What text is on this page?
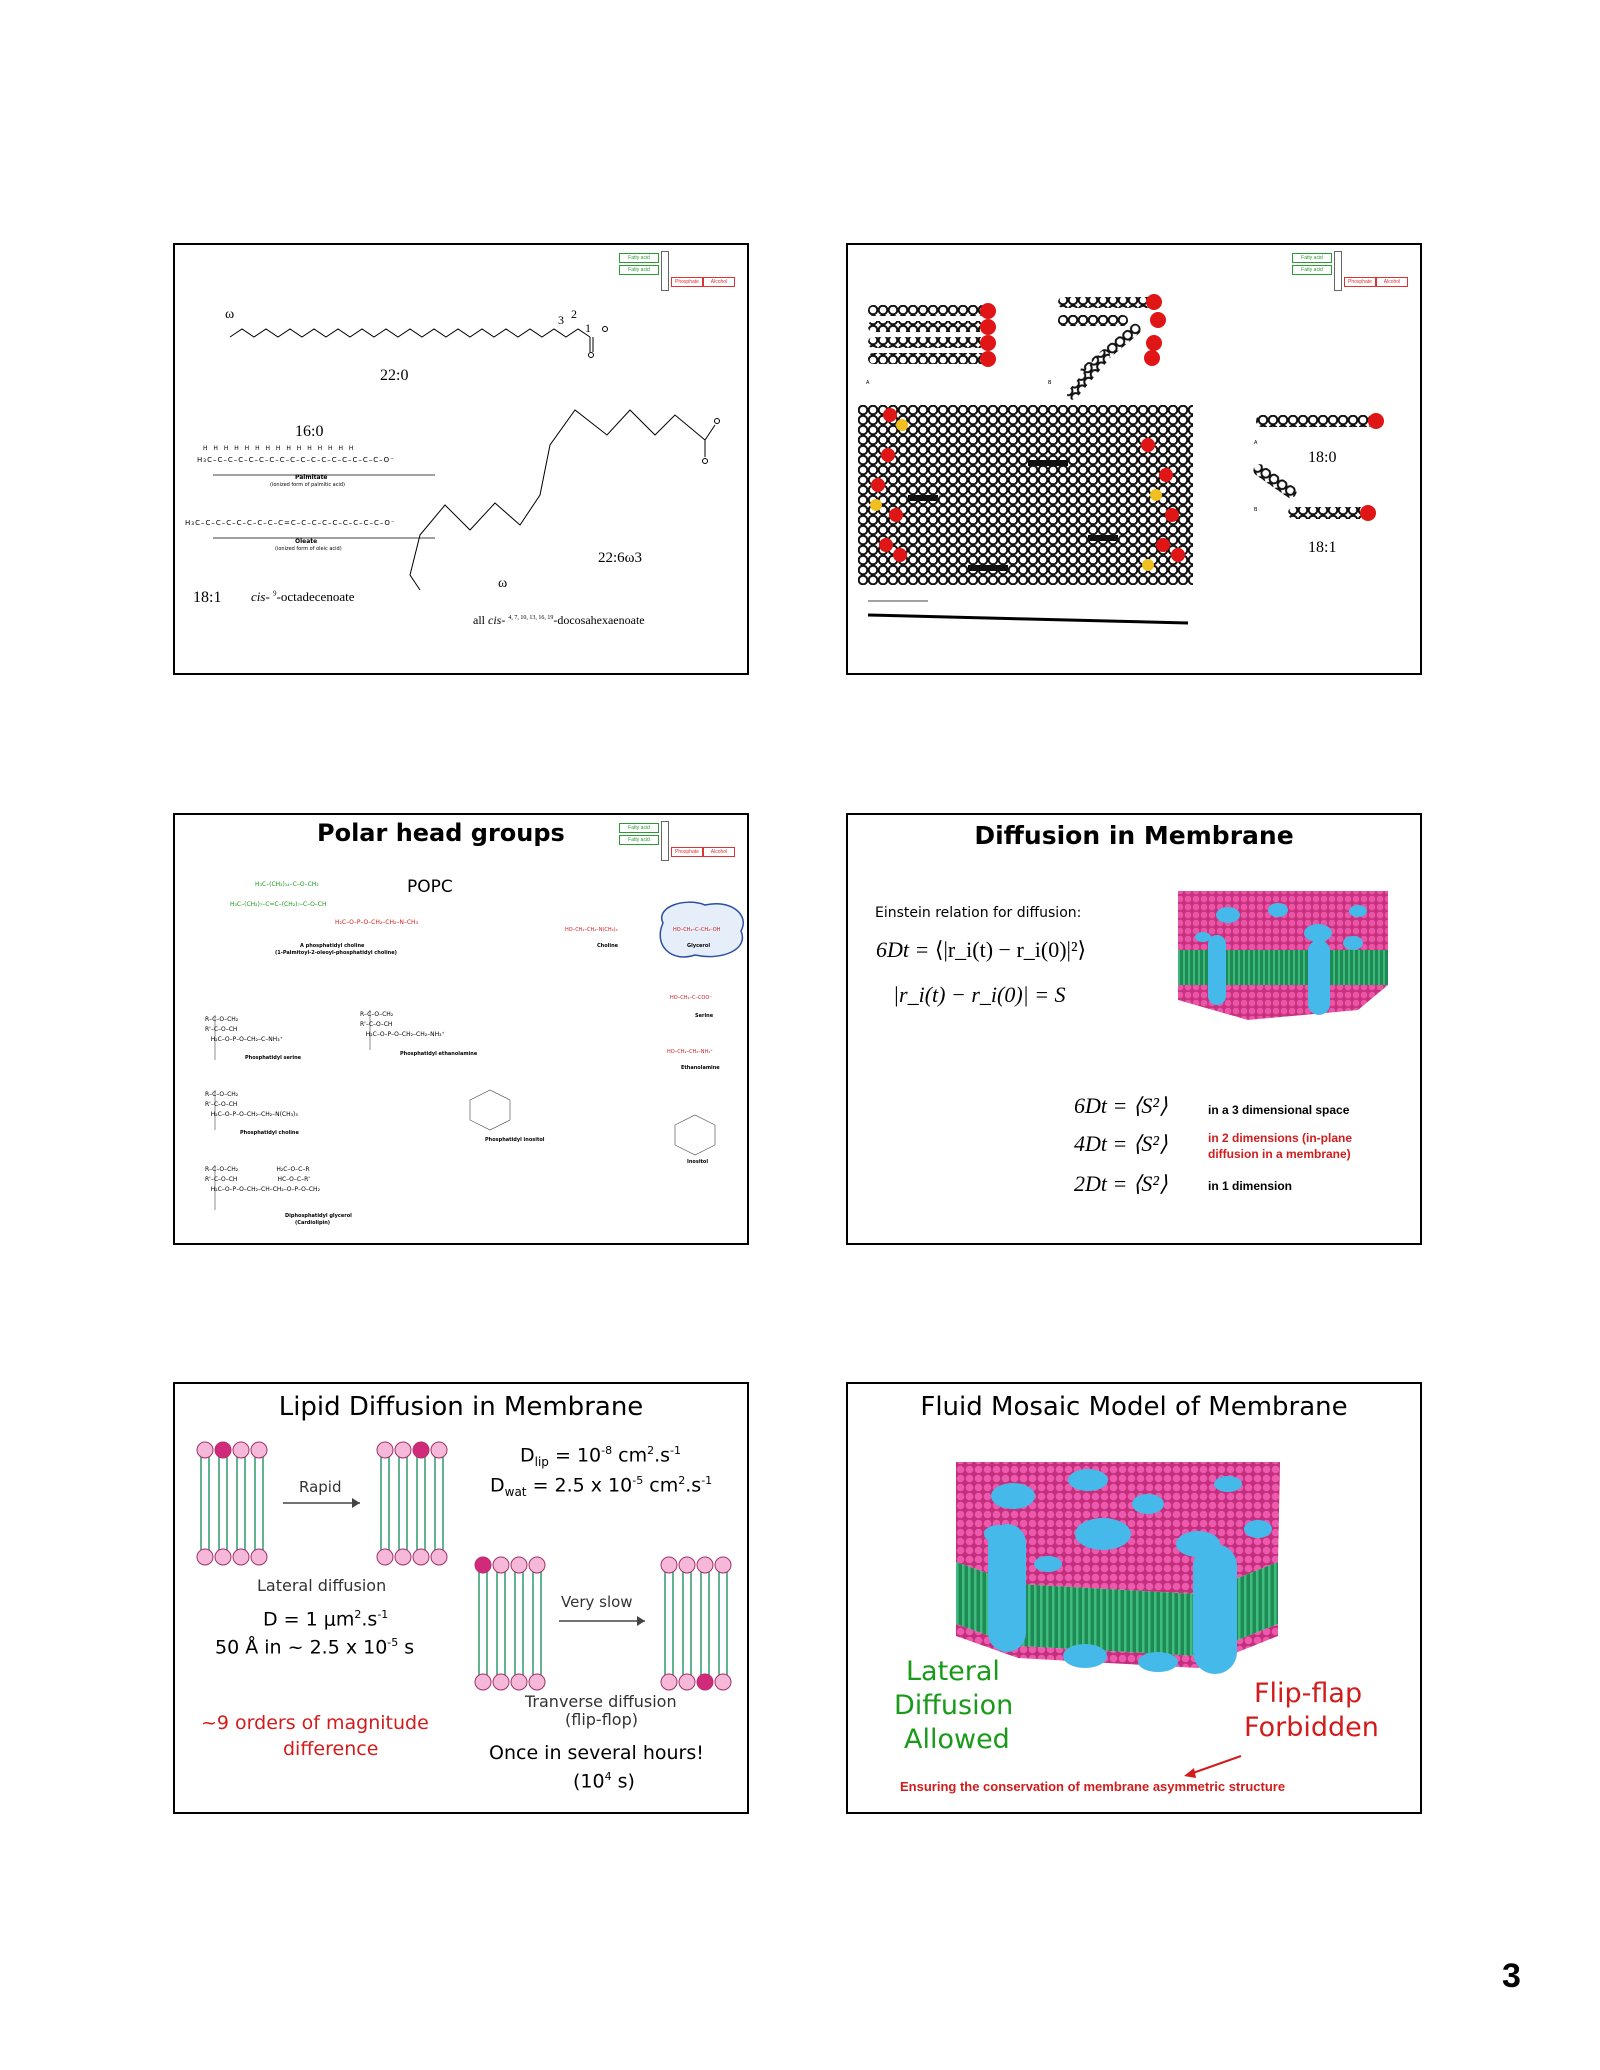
Fatty acid
Fatty acid
Phosphate	Alcohol
ω	3 2
1
22:0
16:0
H H H H H H H H H H H H H H H
H₃C–C–C–C–C–C–C–C–C–C–C–C–C–C–C–C–C–O⁻
Palmitate
(ionized form of palmitic acid)
H₃C–C–C–C–C–C–C–C–C=C–C–C–C–C–C–C–C–C–O⁻
Oleate
(ionized form of oleic acid)
18:1 cis- $^9$-octadecenoate
22:6ω3
ω
all cis- $^{4, 7, 10, 13, 16, 19}$-docosahexaenoate
Fatty acid
Fatty acid
Phosphate	Alcohol
A	B
A
B
18:0
18:1
Fatty acid
Fatty acid
Phosphate	Alcohol
Polar head groups
POPC
H₃C–(CH₂)₁₄–C–O–CH₂
H₃C–(CH₂)₇–C=C–(CH₂)₇–C–O–CH
H₂C–O–P–O–CH₂–CH₂–N–CH₃
A phosphatidyl choline
(1-Palmitoyl-2-oleoyl-phosphatidyl choline)
HO–CH₂–CH₂–N(CH₃)₃
Choline
HO–CH₂–C–CH₂–OH
Glycerol
HO–CH₂–C–COO⁻
Serine
HO–CH₂–CH₂–NH₃⁺
Ethanolamine
Inositol
R–C–O–CH₂
R'–C–O–CH
H₂C–O–P–O–CH₂–C–NH₃⁺
Phosphatidyl serine
R–C–O–CH₂
R'–C–O–CH
H₂C–O–P–O–CH₂–CH₂–NH₃⁺
Phosphatidyl ethanolamine
R–C–O–CH₂
R'–C–O–CH
H₂C–O–P–O–CH₂–CH₂–N(CH₃)₃
Phosphatidyl choline
Phosphatidyl inositol
R–C–O–CH₂                    H₂C–O–C–R
R'–C–O–CH                     HC–O–C–R'
H₂C–O–P–O–CH₂–CH–CH₂–O–P–O–CH₂
Diphosphatidyl glycerol
(Cardiolipin)
Diffusion in Membrane
Einstein relation for diffusion:
6Dt = ⟨|r_i(t) − r_i(0)|²⟩
|r_i(t) − r_i(0)| = S
6Dt = ⟨S²⟩
4Dt = ⟨S²⟩
2Dt = ⟨S²⟩
in a 3 dimensional space
in 2 dimensions (in-plane
diffusion in a membrane)
in 1 dimension
Lipid Diffusion in Membrane
Rapid
$D_{lip} = 10^{-8}$ $cm^2.s^{-1}$
$D_{wat} = 2.5$ x $10^{-5}$ $cm^2.s^{-1}$
Lateral diffusion
D = 1 $\mu m^2.s^{-1}$
50 Å in ~ 2.5 x $10^{-5}$ s
Very slow
Tranverse diffusion
(flip-flop)
~9 orders of magnitude
difference	Once in several hours!
($10^4$ s)
Fluid Mosaic Model of Membrane
Lateral
Diffusion
Allowed
Flip-flap
Forbidden
Ensuring the conservation of membrane asymmetric structure
3
